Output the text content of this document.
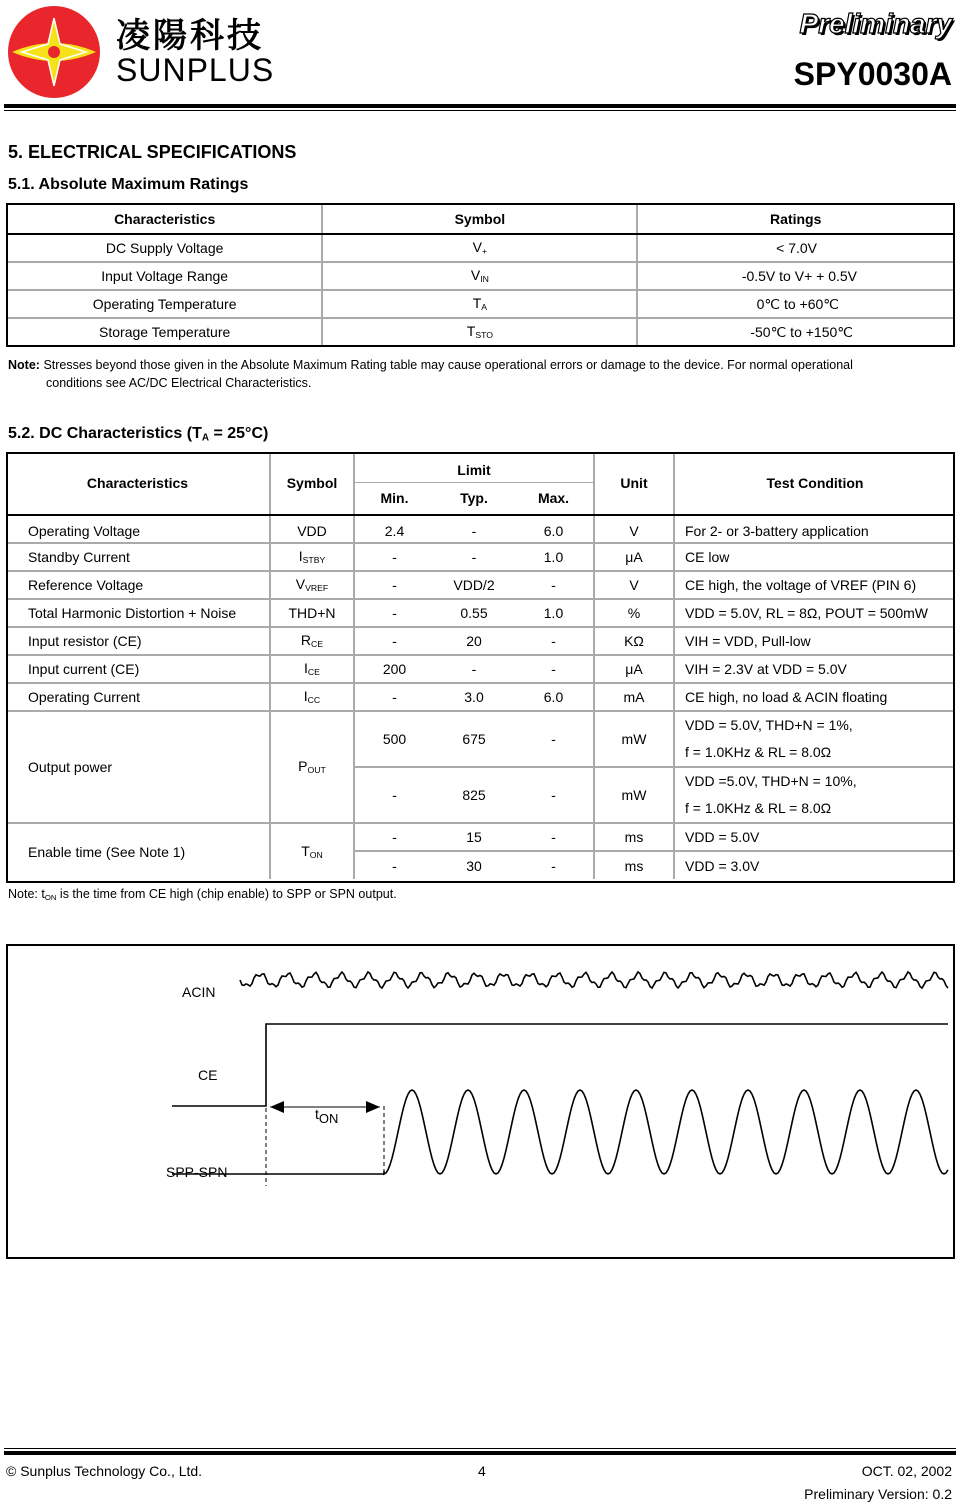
凌陽科技
SUNPLUS
Preliminary
SPY0030A
5. ELECTRICAL SPECIFICATIONS
5.1. Absolute Maximum Ratings
Characteristics	Symbol	Ratings
DC Supply Voltage	$V_+$	< 7.0V
Input Voltage Range	$V_{IN}$	-0.5V to V+ + 0.5V
Operating Temperature	$T_A$	0℃ to +60℃
Storage Temperature	$T_{STO}$	-50℃ to +150℃
Note: Stresses beyond those given in the Absolute Maximum Rating table may cause operational errors or damage to the device. For normal operational
conditions see AC/DC Electrical Characteristics.
5.2. DC Characteristics $(T_A = 25^\circ C)$
Characteristics	Symbol	Limit			Unit	Test Condition
		Min.	Typ.	Max.		
Operating Voltage	VDD	2.4	-	6.0	V	For 2- or 3-battery application
Standby Current	$I_{STBY}$	-	-	1.0	μA	CE low
Reference Voltage	$V_{VREF}$	-	VDD/2	-	V	CE high, the voltage of VREF (PIN 6)
Total Harmonic Distortion + Noise	THD+N	-	0.55	1.0	%	VDD = 5.0V, RL = 8Ω, POUT = 500mW
Input resistor (CE)	$R_{CE}$	-	20	-	KΩ	VIH = VDD, Pull-low
Input current (CE)	$I_{CE}$	200	-	-	μA	VIH = 2.3V at VDD = 5.0V
Operating Current	$I_{CC}$	-	3.0	6.0	mA	CE high, no load & ACIN floating
Output power	$P_{OUT}$	500	675	-	mW	VDD = 5.0V, THD+N = 1%,
f = 1.0KHz & RL = 8.0Ω

		-	825	-	mW	VDD =5.0V, THD+N = 10%,
f = 1.0KHz & RL = 8.0Ω

Enable time (See Note 1)	$T_{ON}$	-	15	-	ms	VDD = 5.0V
		-	30	-	ms	VDD = 3.0V
Note: $t_{ON}$ is the time from CE high (chip enable) to SPP or SPN output.
ACIN
CE
$t_{ON}$
SPP-SPN
© Sunplus Technology Co., Ltd.	4	OCT. 02, 2002
Preliminary Version: 0.2
